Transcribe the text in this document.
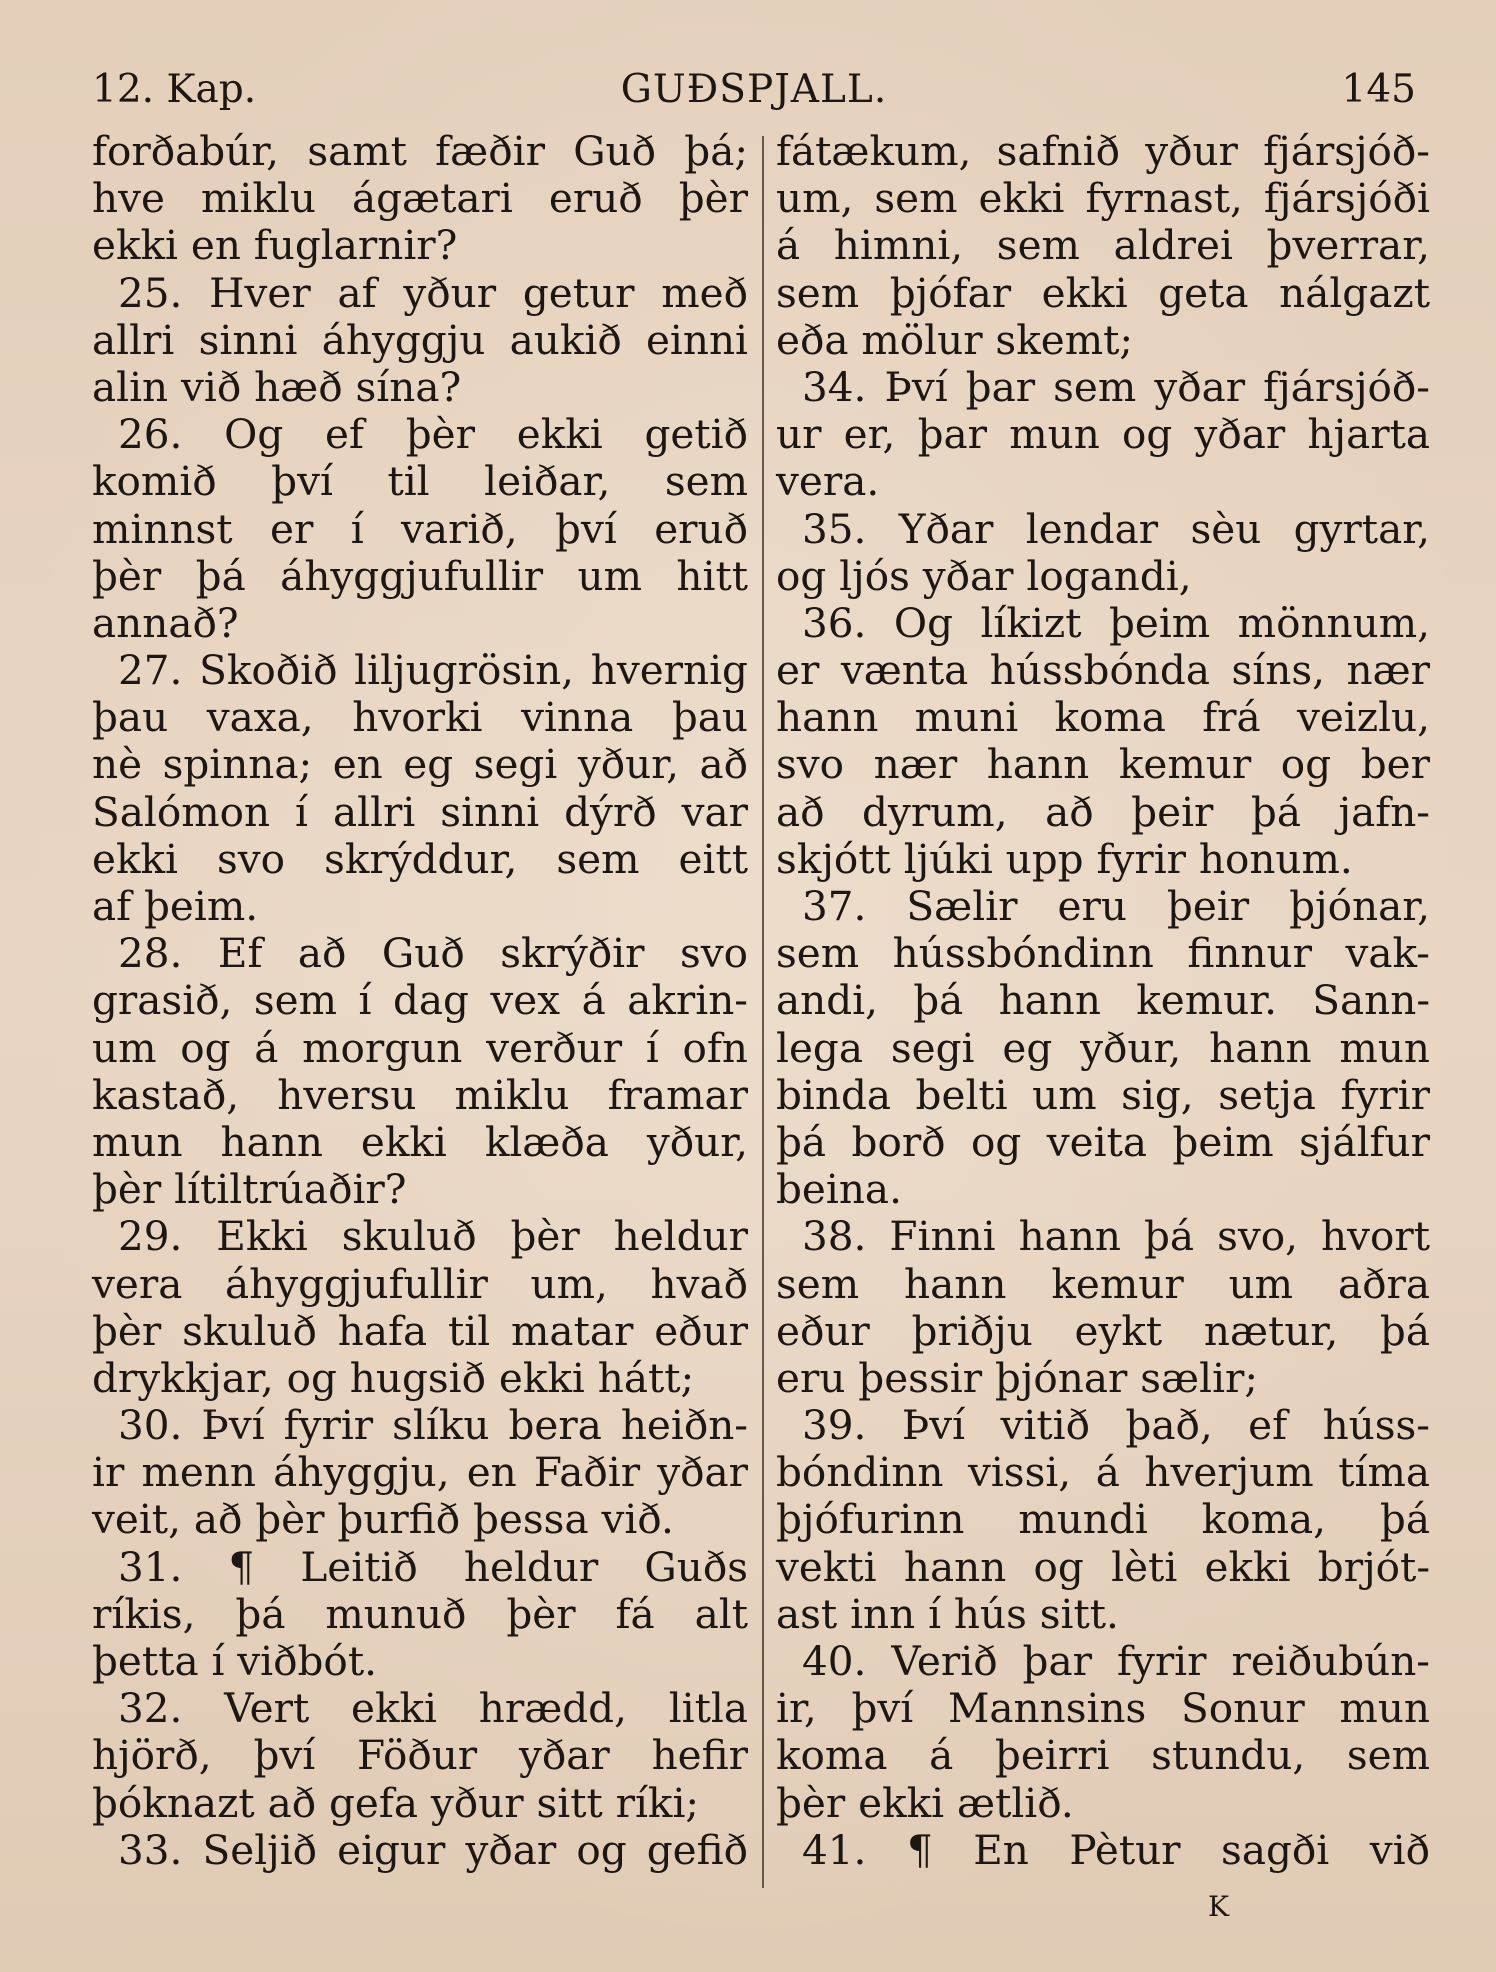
12. Kap.	GUÐSPJALL.	145
forðabúr, samt fæðir Guð þá;
hve miklu ágætari eruð þèr
ekki en fuglarnir?
25. Hver af yður getur með
allri sinni áhyggju aukið einni
alin við hæð sína?
26. Og ef þèr ekki getið
komið því til leiðar, sem
minnst er í varið, því eruð
þèr þá áhyggjufullir um hitt
annað?
27. Skoðið liljugrösin, hvernig
þau vaxa, hvorki vinna þau
nè spinna; en eg segi yður, að
Salómon í allri sinni dýrð var
ekki svo skrýddur, sem eitt
af þeim.
28. Ef að Guð skrýðir svo
grasið, sem í dag vex á akrin-
um og á morgun verður í ofn
kastað, hversu miklu framar
mun hann ekki klæða yður,
þèr lítiltrúaðir?
29. Ekki skuluð þèr heldur
vera áhyggjufullir um, hvað
þèr skuluð hafa til matar eður
drykkjar, og hugsið ekki hátt;
30. Því fyrir slíku bera heiðn-
ir menn áhyggju, en Faðir yðar
veit, að þèr þurfið þessa við.
31. ¶ Leitið heldur Guðs
ríkis, þá munuð þèr fá alt
þetta í viðbót.
32. Vert ekki hrædd, litla
hjörð, því Föður yðar hefir
þóknazt að gefa yður sitt ríki;
33. Seljið eigur yðar og gefið
fátækum, safnið yður fjársjóð-
um, sem ekki fyrnast, fjársjóði
á himni, sem aldrei þverrar,
sem þjófar ekki geta nálgazt
eða mölur skemt;
34. Því þar sem yðar fjársjóð-
ur er, þar mun og yðar hjarta
vera.
35. Yðar lendar sèu gyrtar,
og ljós yðar logandi,
36. Og líkizt þeim mönnum,
er vænta hússbónda síns, nær
hann muni koma frá veizlu,
svo nær hann kemur og ber
að dyrum, að þeir þá jafn-
skjótt ljúki upp fyrir honum.
37. Sælir eru þeir þjónar,
sem hússbóndinn finnur vak-
andi, þá hann kemur. Sann-
lega segi eg yður, hann mun
binda belti um sig, setja fyrir
þá borð og veita þeim sjálfur
beina.
38. Finni hann þá svo, hvort
sem hann kemur um aðra
eður þriðju eykt nætur, þá
eru þessir þjónar sælir;
39. Því vitið það, ef húss-
bóndinn vissi, á hverjum tíma
þjófurinn mundi koma, þá
vekti hann og lèti ekki brjót-
ast inn í hús sitt.
40. Verið þar fyrir reiðubún-
ir, því Mannsins Sonur mun
koma á þeirri stundu, sem
þèr ekki ætlið.
41. ¶ En Pètur sagði við
K
